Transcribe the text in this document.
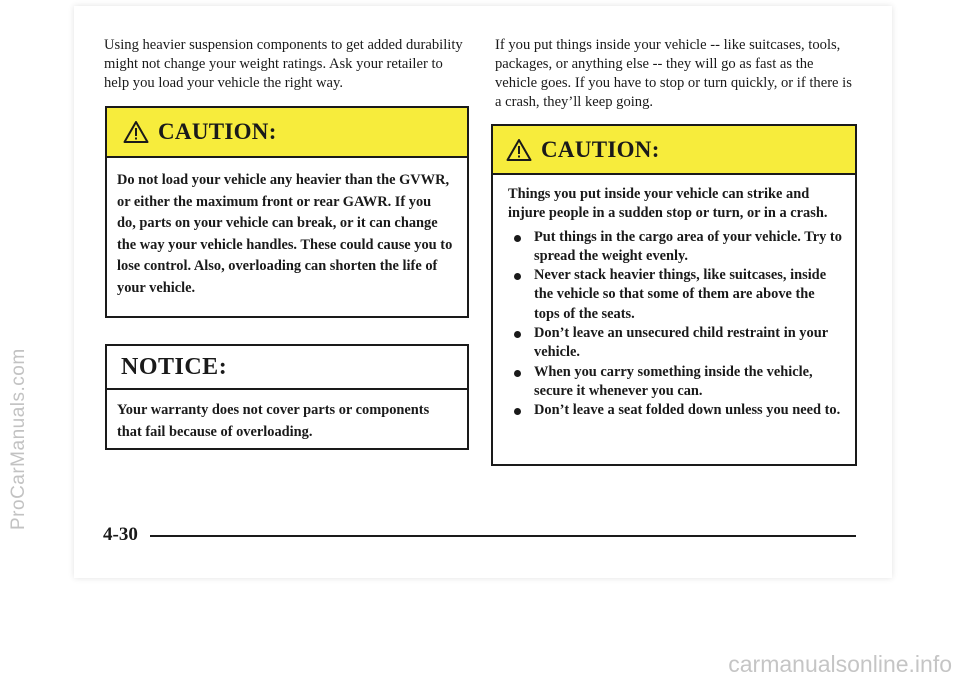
ProCarManuals.com

Using heavier suspension components to get added durability might not change your weight ratings. Ask your retailer to help you load your vehicle the right way.

If you put things inside your vehicle -- like suitcases, tools, packages, or anything else -- they will go as fast as the vehicle goes. If you have to stop or turn quickly, or if there is a crash, they’ll keep going.

CAUTION:

Do not load your vehicle any heavier than the GVWR, or either the maximum front or rear GAWR. If you do, parts on your vehicle can break, or it can change the way your vehicle handles. These could cause you to lose control. Also, overloading can shorten the life of your vehicle.

NOTICE:

Your warranty does not cover parts or components that fail because of overloading.

CAUTION:

Things you put inside your vehicle can strike and injure people in a sudden stop or turn, or in a crash.

Put things in the cargo area of your vehicle. Try to spread the weight evenly.
Never stack heavier things, like suitcases, inside the vehicle so that some of them are above the tops of the seats.
Don’t leave an unsecured child restraint in your vehicle.
When you carry something inside the vehicle, secure it whenever you can.
Don’t leave a seat folded down unless you need to.
4-30
carmanualsonline.info
